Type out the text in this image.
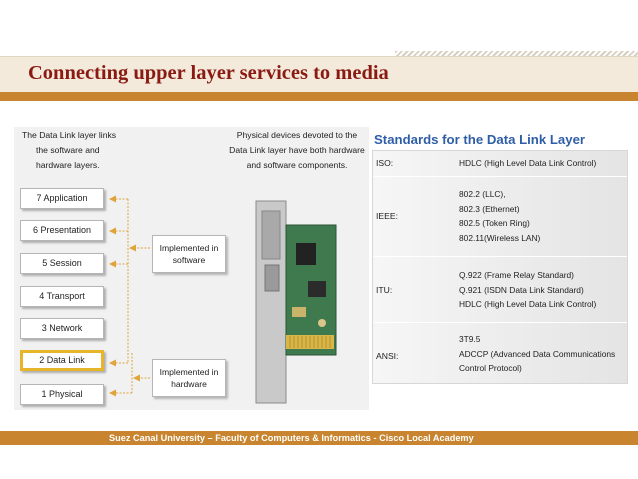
Connecting upper layer services to media
The Data Link layer links
the software and
hardware layers.
Physical devices devoted to the
Data Link layer have both hardware
and software components.
7 Application
6 Presentation
5 Session
4 Transport
3 Network
2 Data Link
1 Physical
Implemented in
software
Implemented in
hardware
Standards for the Data Link Layer
ISO:	HDLC (High Level Data Link Control)
IEEE:
802.2 (LLC),
802.3 (Ethernet)
802.5 (Token Ring)
802.11(Wireless LAN)
ITU:
Q.922 (Frame Relay Standard)
Q.921 (ISDN Data Link Standard)
HDLC (High Level Data Link Control)
ANSI:
3T9.5
ADCCP (Advanced Data Communications
Control Protocol)
Suez Canal University – Faculty of Computers & Informatics - Cisco Local Academy
